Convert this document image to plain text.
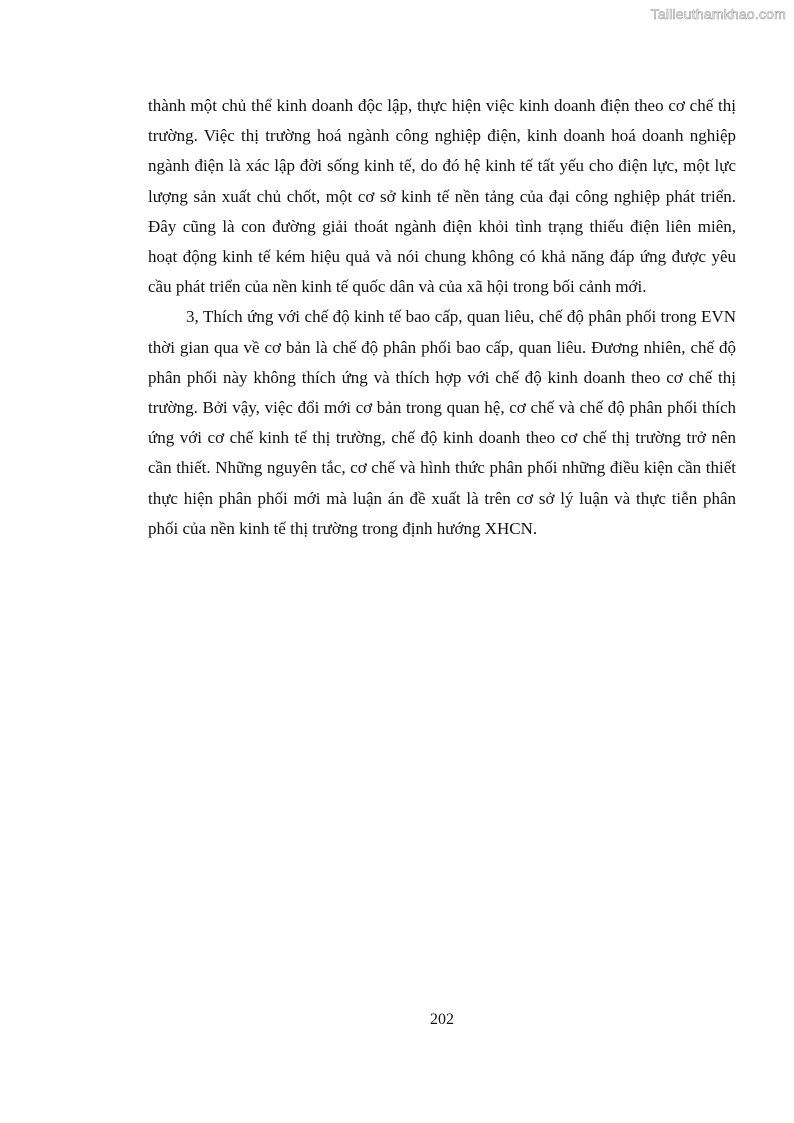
Tailieuthamkhao.com

thành một chủ thể kinh doanh độc lập, thực hiện việc kinh doanh điện theo cơ chế thị trường. Việc thị trường hoá ngành công nghiệp điện, kinh doanh hoá doanh nghiệp ngành điện là xác lập đời sống kinh tế, do đó hệ kinh tế tất yếu cho điện lực, một lực lượng sản xuất chủ chốt, một cơ sở kinh tế nền tảng của đại công nghiệp phát triển. Đây cũng là con đường giải thoát ngành điện khỏi tình trạng thiếu điện liên miên, hoạt động kinh tế kém hiệu quả và nói chung không có khả năng đáp ứng được yêu cầu phát triển của nền kinh tế quốc dân và của xã hội trong bối cảnh mới.

3, Thích ứng với chế độ kinh tế bao cấp, quan liêu, chế độ phân phối trong EVN thời gian qua về cơ bản là chế độ phân phối bao cấp, quan liêu. Đương nhiên, chế độ phân phối này không thích ứng và thích hợp với chế độ kinh doanh theo cơ chế thị trường. Bởi vậy, việc đổi mới cơ bản trong quan hệ, cơ chế và chế độ phân phối thích ứng với cơ chế kinh tế thị trường, chế độ kinh doanh theo cơ chế thị trường trở nên cần thiết. Những nguyên tắc, cơ chế và hình thức phân phối những điều kiện cần thiết thực hiện phân phối mới mà luận án đề xuất là trên cơ sở lý luận và thực tiễn phân phối của nền kinh tế thị trường trong định hướng XHCN.

202
